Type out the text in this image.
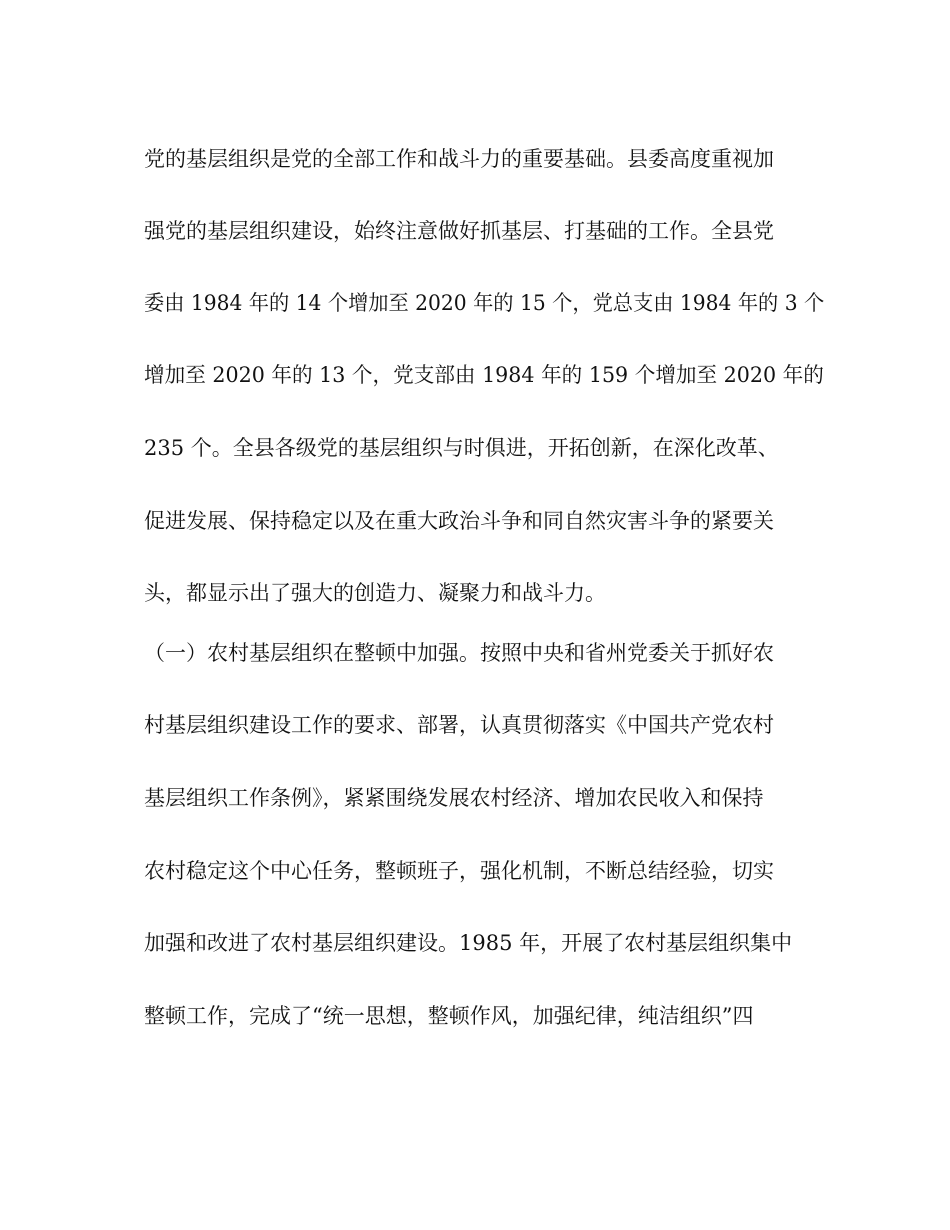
党的基层组织是党的全部工作和战斗力的重要基础。县委高度重视加
强党的基层组织建设，始终注意做好抓基层、打基础的工作。全县党
委由 1984 年的 14 个增加至 2020 年的 15 个，党总支由 1984 年的 3 个
增加至 2020 年的 13 个，党支部由 1984 年的 159 个增加至 2020 年的
235 个。全县各级党的基层组织与时俱进，开拓创新，在深化改革、
促进发展、保持稳定以及在重大政治斗争和同自然灾害斗争的紧要关
头，都显示出了强大的创造力、凝聚力和战斗力。
（一）农村基层组织在整顿中加强。按照中央和省州党委关于抓好农
村基层组织建设工作的要求、部署，认真贯彻落实《中国共产党农村
基层组织工作条例》，紧紧围绕发展农村经济、增加农民收入和保持
农村稳定这个中心任务，整顿班子，强化机制，不断总结经验，切实
加强和改进了农村基层组织建设。1985 年，开展了农村基层组织集中
整顿工作，完成了“统一思想，整顿作风，加强纪律，纯洁组织”四
